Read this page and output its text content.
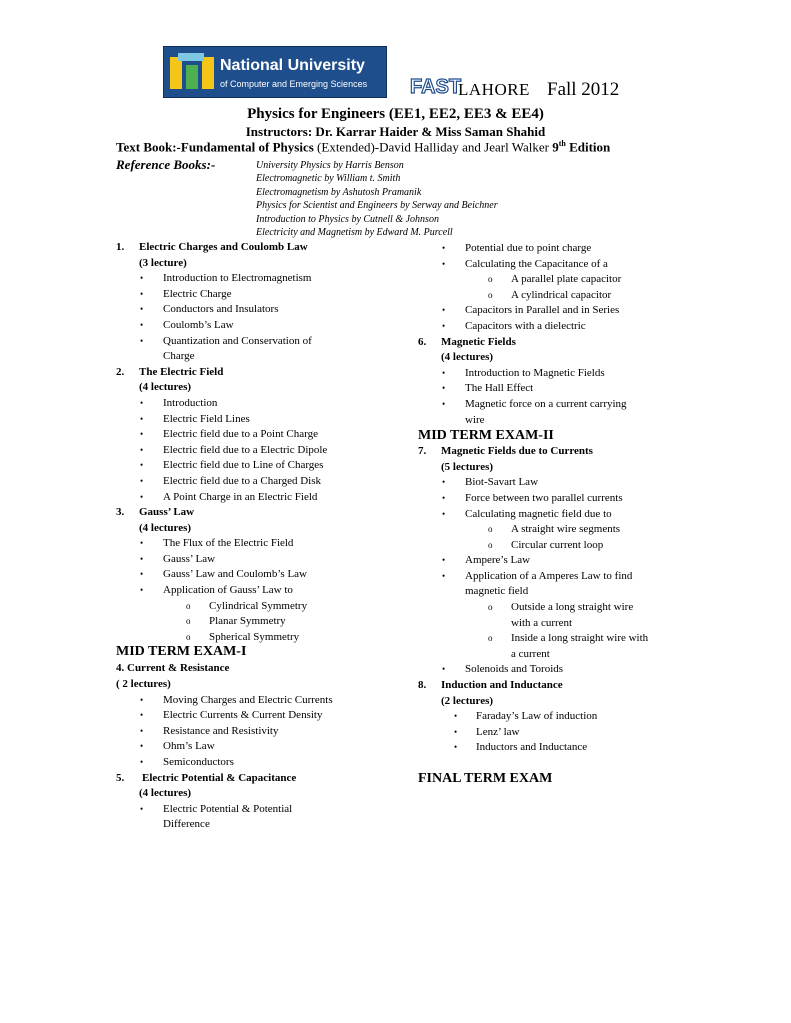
National University
of Computer and Emerging Sciences FAST
LAHORE Fall 2012
Physics for Engineers (EE1, EE2, EE3 & EE4)
Instructors: Dr. Karrar Haider & Miss Saman Shahid
Text Book:-Fundamental of Physics (Extended)-David Halliday and Jearl Walker 9th Edition
Reference Books:-	University Physics by Harris Benson
Electromagnetic by William t. Smith
Electromagnetism by Ashutosh Pramanik
Physics for Scientist and Engineers by Serway and Beichner
Introduction to Physics by Cutnell & Johnson
Electricity and Magnetism by Edward M. Purcell
1. Electric Charges and Coulomb Law
(3 lecture)
• Introduction to Electromagnetism
• Electric Charge
• Conductors and Insulators
• Coulomb’s Law
• Quantization and Conservation of
Charge
2. The Electric Field
(4 lectures)
• Introduction
• Electric Field Lines
• Electric field due to a Point Charge
• Electric field due to a Electric Dipole
• Electric field due to Line of Charges
• Electric field due to a Charged Disk
• A Point Charge in an Electric Field
3. Gauss’ Law
(4 lectures)
• The Flux of the Electric Field
• Gauss’ Law
• Gauss’ Law and Coulomb’s Law
• Application of Gauss’ Law to
o Cylindrical Symmetry
o Planar Symmetry
o Spherical Symmetry
MID TERM EXAM-I
4. Current & Resistance
( 2 lectures)
• Moving Charges and Electric Currents
• Electric Currents & Current Density
• Resistance and Resistivity
• Ohm’s Law
• Semiconductors
5. Electric Potential & Capacitance
(4 lectures)
• Electric Potential & Potential
Difference
• Potential due to point charge
• Calculating the Capacitance of a
o A parallel plate capacitor
o A cylindrical capacitor
• Capacitors in Parallel and in Series
• Capacitors with a dielectric
6. Magnetic Fields
(4 lectures)
• Introduction to Magnetic Fields
• The Hall Effect
• Magnetic force on a current carrying
wire
MID TERM EXAM-II
7. Magnetic Fields due to Currents
(5 lectures)
• Biot-Savart Law
• Force between two parallel currents
• Calculating magnetic field due to
o A straight wire segments
o Circular current loop
• Ampere’s Law
• Application of a Amperes Law to find
magnetic field
o Outside a long straight wire
with a current
o Inside a long straight wire with
a current
• Solenoids and Toroids
8. Induction and Inductance
(2 lectures)
• Faraday’s Law of induction
• Lenz’ law
• Inductors and Inductance
FINAL TERM EXAM
